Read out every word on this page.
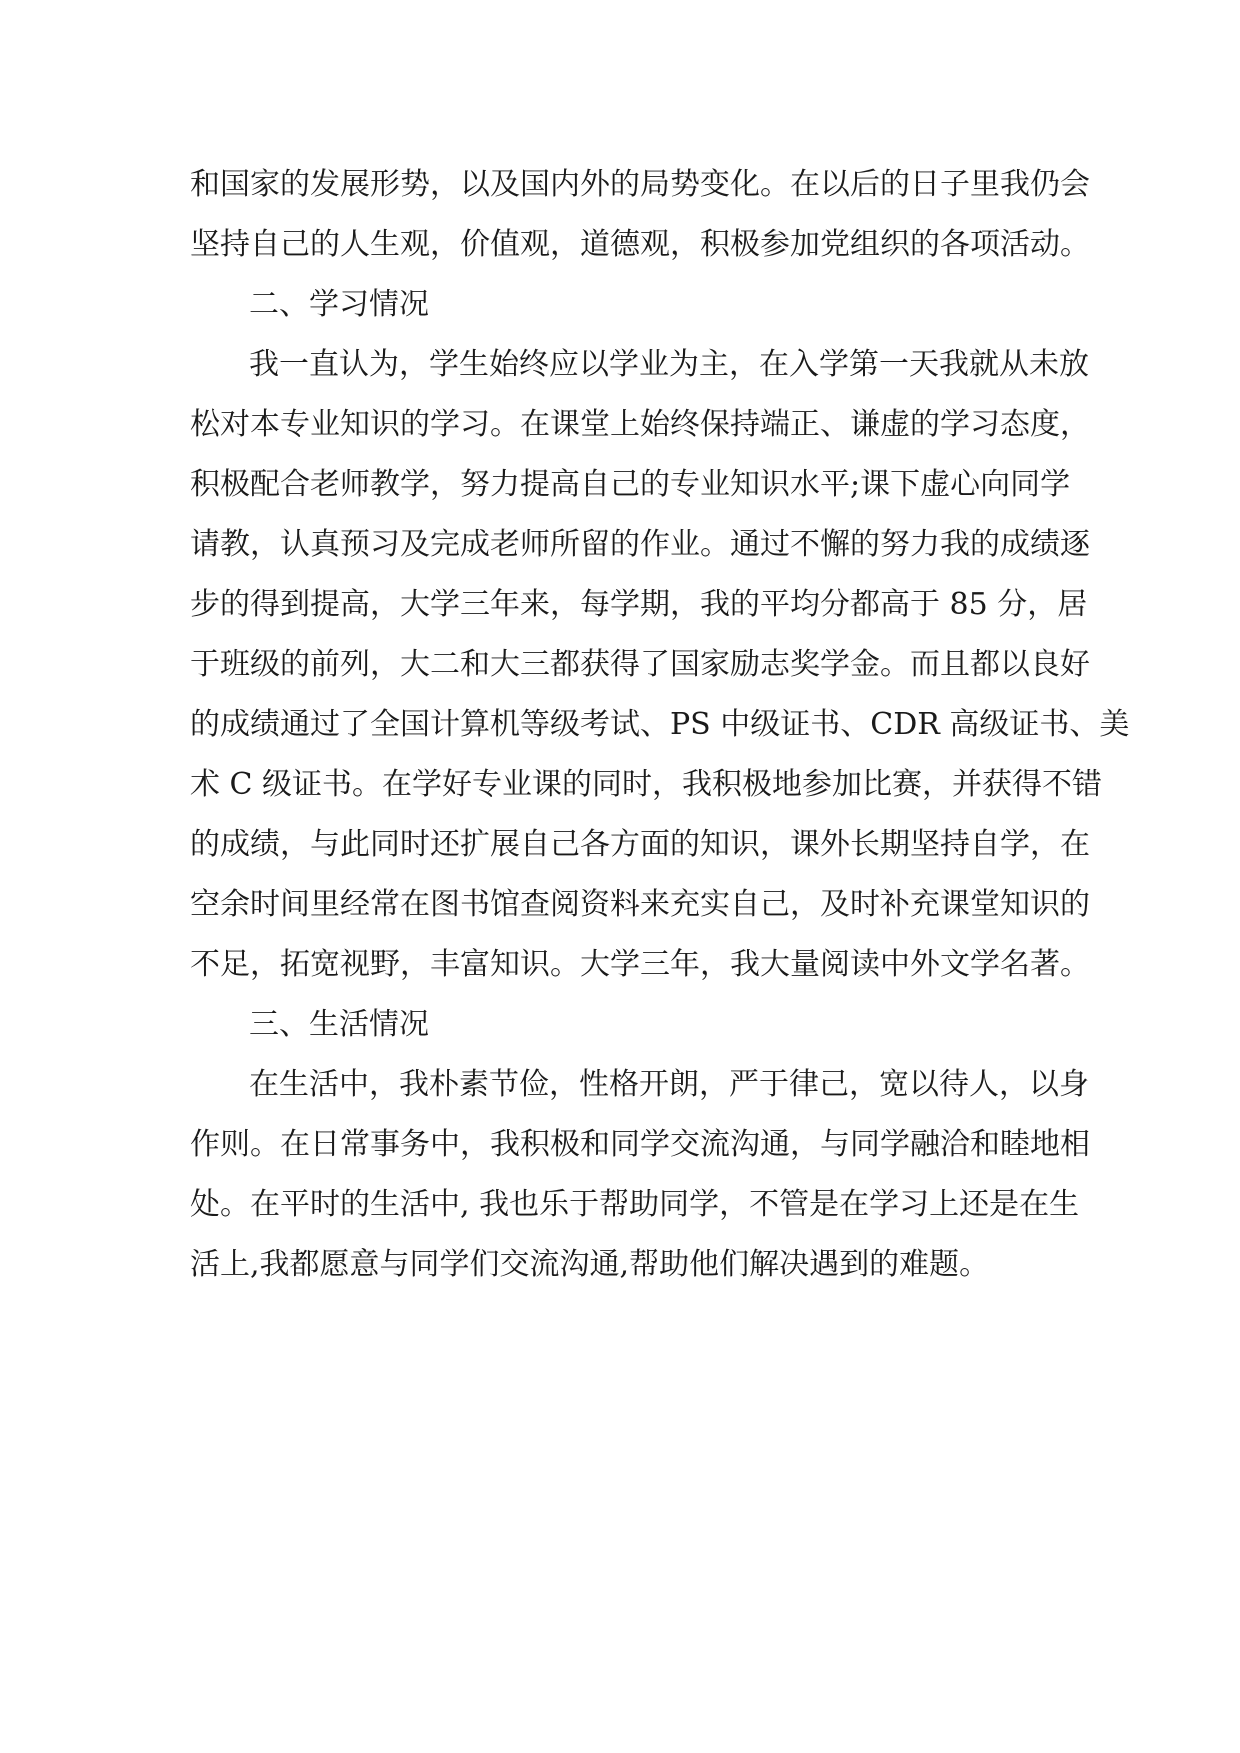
和国家的发展形势，以及国内外的局势变化。在以后的日子里我仍会
坚持自己的人生观，价值观，道德观，积极参加党组织的各项活动。
二、学习情况
我一直认为，学生始终应以学业为主，在入学第一天我就从未放
松对本专业知识的学习。在课堂上始终保持端正、谦虚的学习态度，
积极配合老师教学，努力提高自己的专业知识水平;课下虚心向同学
请教，认真预习及完成老师所留的作业。通过不懈的努力我的成绩逐
步的得到提高，大学三年来，每学期，我的平均分都高于 85 分，居
于班级的前列，大二和大三都获得了国家励志奖学金。而且都以良好
的成绩通过了全国计算机等级考试、PS 中级证书、CDR 高级证书、美
术 C 级证书。在学好专业课的同时，我积极地参加比赛，并获得不错
的成绩，与此同时还扩展自己各方面的知识，课外长期坚持自学，在
空余时间里经常在图书馆查阅资料来充实自己，及时补充课堂知识的
不足，拓宽视野，丰富知识。大学三年，我大量阅读中外文学名著。
三、生活情况
在生活中，我朴素节俭，性格开朗，严于律己，宽以待人，以身
作则。在日常事务中，我积极和同学交流沟通，与同学融洽和睦地相
处。在平时的生活中, 我也乐于帮助同学，不管是在学习上还是在生
活上,我都愿意与同学们交流沟通,帮助他们解决遇到的难题。
